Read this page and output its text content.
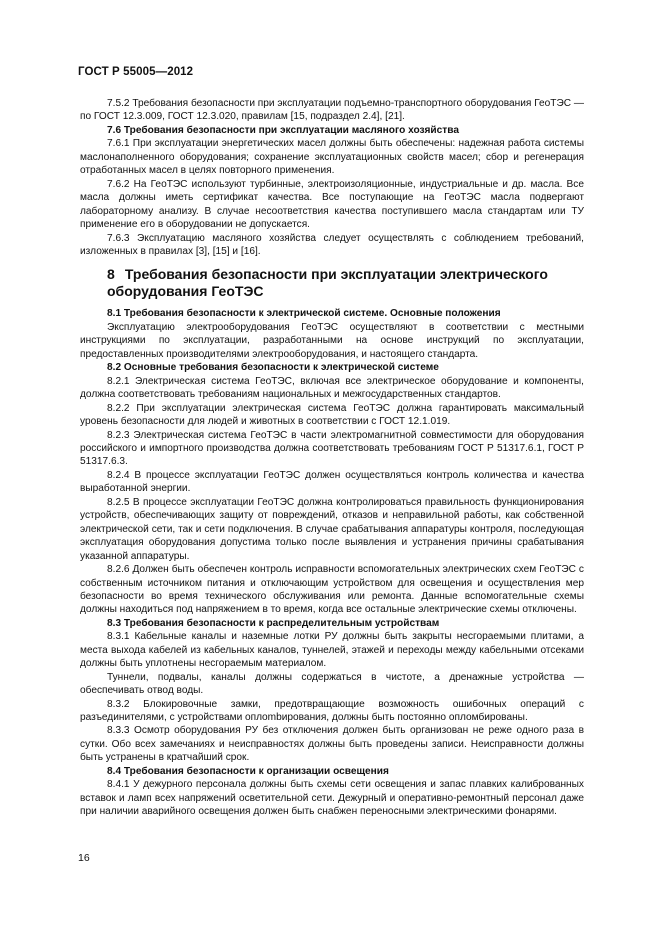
ГОСТ Р 55005—2012

7.5.2 Требования безопасности при эксплуатации подъемно-транспортного оборудования ГеоТЭС — по ГОСТ 12.3.009, ГОСТ 12.3.020, правилам [15, подраздел 2.4], [21].

7.6 Требования безопасности при эксплуатации масляного хозяйства

7.6.1 При эксплуатации энергетических масел должны быть обеспечены: надежная работа системы маслонаполненного оборудования; сохранение эксплуатационных свойств масел; сбор и регенерация отработанных масел в целях повторного применения.

7.6.2 На ГеоТЭС используют турбинные, электроизоляционные, индустриальные и др. масла. Все масла должны иметь сертификат качества. Все поступающие на ГеоТЭС масла подвергают лабораторному анализу. В случае несоответствия качества поступившего масла стандартам или ТУ применение его в оборудовании не допускается.

7.6.3 Эксплуатацию масляного хозяйства следует осуществлять с соблюдением требований, изложенных в правилах [3], [15] и [16].

8 Требования безопасности при эксплуатации электрического оборудования ГеоТЭС

8.1 Требования безопасности к электрической системе. Основные положения

Эксплуатацию электрооборудования ГеоТЭС осуществляют в соответствии с местными инструкциями по эксплуатации, разработанными на основе инструкций по эксплуатации, предоставленных производителями электрооборудования, и настоящего стандарта.

8.2 Основные требования безопасности к электрической системе

8.2.1 Электрическая система ГеоТЭС, включая все электрическое оборудование и компоненты, должна соответствовать требованиям национальных и межгосударственных стандартов.

8.2.2 При эксплуатации электрическая система ГеоТЭС должна гарантировать максимальный уровень безопасности для людей и животных в соответствии с ГОСТ 12.1.019.

8.2.3 Электрическая система ГеоТЭС в части электромагнитной совместимости для оборудования российского и импортного производства должна соответствовать требованиям ГОСТ Р 51317.6.1, ГОСТ Р 51317.6.3.

8.2.4 В процессе эксплуатации ГеоТЭС должен осуществляться контроль количества и качества выработанной энергии.

8.2.5 В процессе эксплуатации ГеоТЭС должна контролироваться правильность функционирования устройств, обеспечивающих защиту от повреждений, отказов и неправильной работы, как собственной электрической сети, так и сети подключения. В случае срабатывания аппаратуры контроля, последующая эксплуатация оборудования допустима только после выявления и устранения причины срабатывания указанной аппаратуры.

8.2.6 Должен быть обеспечен контроль исправности вспомогательных электрических схем ГеоТЭС с собственным источником питания и отключающим устройством для освещения и осуществления мер безопасности во время технического обслуживания или ремонта. Данные вспомогательные схемы должны находиться под напряжением в то время, когда все остальные электрические схемы отключены.

8.3 Требования безопасности к распределительным устройствам

8.3.1 Кабельные каналы и наземные лотки РУ должны быть закрыты несгораемыми плитами, а места выхода кабелей из кабельных каналов, туннелей, этажей и переходы между кабельными отсеками должны быть уплотнены несгораемым материалом.

Туннели, подвалы, каналы должны содержаться в чистоте, а дренажные устройства — обеспечивать отвод воды.

8.3.2 Блокировочные замки, предотвращающие возможность ошибочных операций с разъединителями, с устройствами оплombирования, должны быть постоянно опломбированы.

8.3.3 Осмотр оборудования РУ без отключения должен быть организован не реже одного раза в сутки. Обо всех замечаниях и неисправностях должны быть проведены записи. Неисправности должны быть устранены в кратчайший срок.

8.4 Требования безопасности к организации освещения

8.4.1 У дежурного персонала должны быть схемы сети освещения и запас плавких калиброванных вставок и ламп всех напряжений осветительной сети. Дежурный и оперативно-ремонтный персонал даже при наличии аварийного освещения должен быть снабжен переносными электрическими фонарями.

16
